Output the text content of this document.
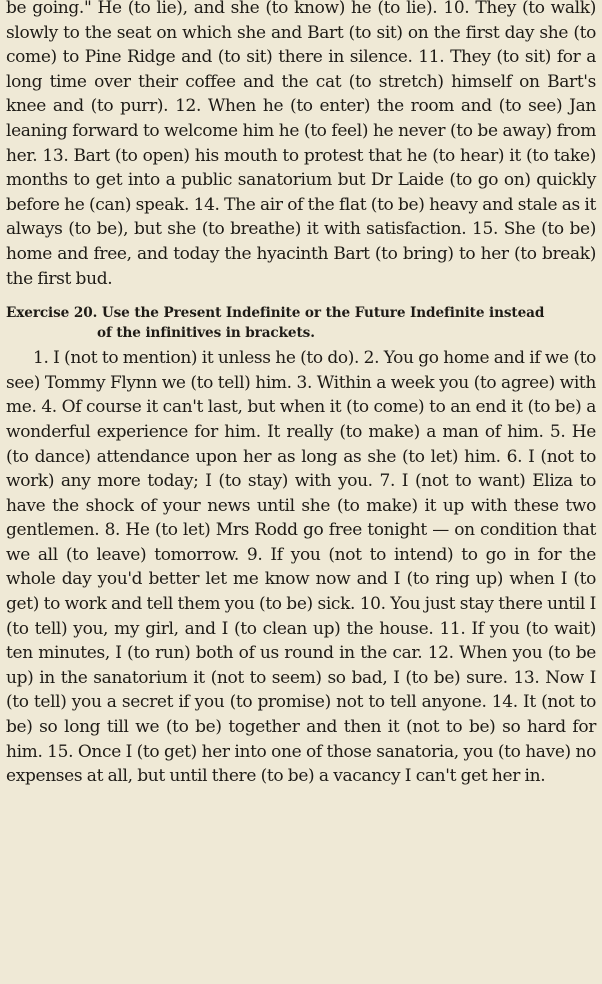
be going." He (to lie), and she (to know) he (to lie). 10. They (to walk) slowly to the seat on which she and Bart (to sit) on the first day she (to come) to Pine Ridge and (to sit) there in silence. 11. They (to sit) for a long time over their coffee and the cat (to stretch) himself on Bart's knee and (to purr). 12. When he (to enter) the room and (to see) Jan leaning forward to welcome him he (to feel) he never (to be away) from her. 13. Bart (to open) his mouth to protest that he (to hear) it (to take) months to get into a public sanatorium but Dr Laide (to go on) quickly before he (can) speak. 14. The air of the flat (to be) heavy and stale as it always (to be), but she (to breathe) it with satisfaction. 15. She (to be) home and free, and today the hyacinth Bart (to bring) to her (to break) the first bud.

Exercise 20. Use the Present Indefinite or the Future Indefinite instead
of the infinitives in brackets.

1. I (not to mention) it unless he (to do). 2. You go home and if we (to see) Tommy Flynn we (to tell) him. 3. Within a week you (to agree) with me. 4. Of course it can't last, but when it (to come) to an end it (to be) a wonderful experience for him. It really (to make) a man of him. 5. He (to dance) attendance upon her as long as she (to let) him. 6. I (not to work) any more today; I (to stay) with you. 7. I (not to want) Eliza to have the shock of your news until she (to make) it up with these two gentlemen. 8. He (to let) Mrs Rodd go free tonight — on condition that we all (to leave) tomorrow. 9. If you (not to intend) to go in for the whole day you'd better let me know now and I (to ring up) when I (to get) to work and tell them you (to be) sick. 10. You just stay there until I (to tell) you, my girl, and I (to clean up) the house. 11. If you (to wait) ten minutes, I (to run) both of us round in the car. 12. When you (to be up) in the sanatorium it (not to seem) so bad, I (to be) sure. 13. Now I (to tell) you a secret if you (to promise) not to tell anyone. 14. It (not to be) so long till we (to be) together and then it (not to be) so hard for him. 15. Once I (to get) her into one of those sanatoria, you (to have) no expenses at all, but until there (to be) a vacancy I can't get her in.
